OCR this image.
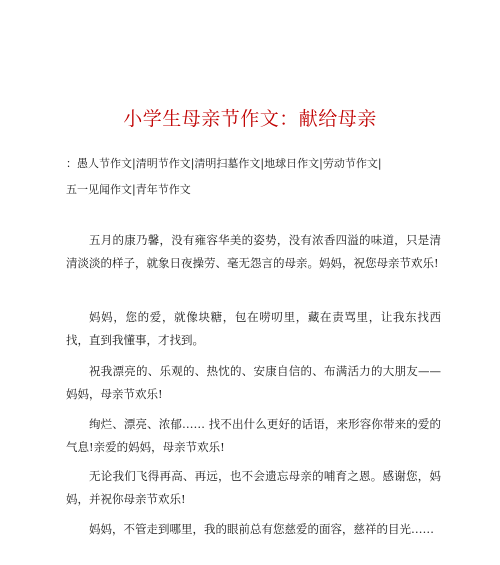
小学生母亲节作文：献给母亲
：愚人节作文|清明节作文|清明扫墓作文|地球日作文|劳动节作文|
五一见闻作文|青年节作文
五月的康乃馨，没有雍容华美的姿势，没有浓香四溢的味道，只是清清淡淡的样子，就象日夜操劳、毫无怨言的母亲。妈妈，祝您母亲节欢乐!
妈妈，您的爱，就像块糖，包在唠叨里，藏在责骂里，让我东找西找，直到我懂事，才找到。
祝我漂亮的、乐观的、热忱的、安康自信的、布满活力的大朋友——妈妈，母亲节欢乐!
绚烂、漂亮、浓郁…… 找不出什么更好的话语，来形容你带来的爱的气息!亲爱的妈妈，母亲节欢乐!
无论我们飞得再高、再远，也不会遗忘母亲的哺育之恩。感谢您，妈妈，并祝你母亲节欢乐!
妈妈，不管走到哪里，我的眼前总有您慈爱的面容，慈祥的目光……
